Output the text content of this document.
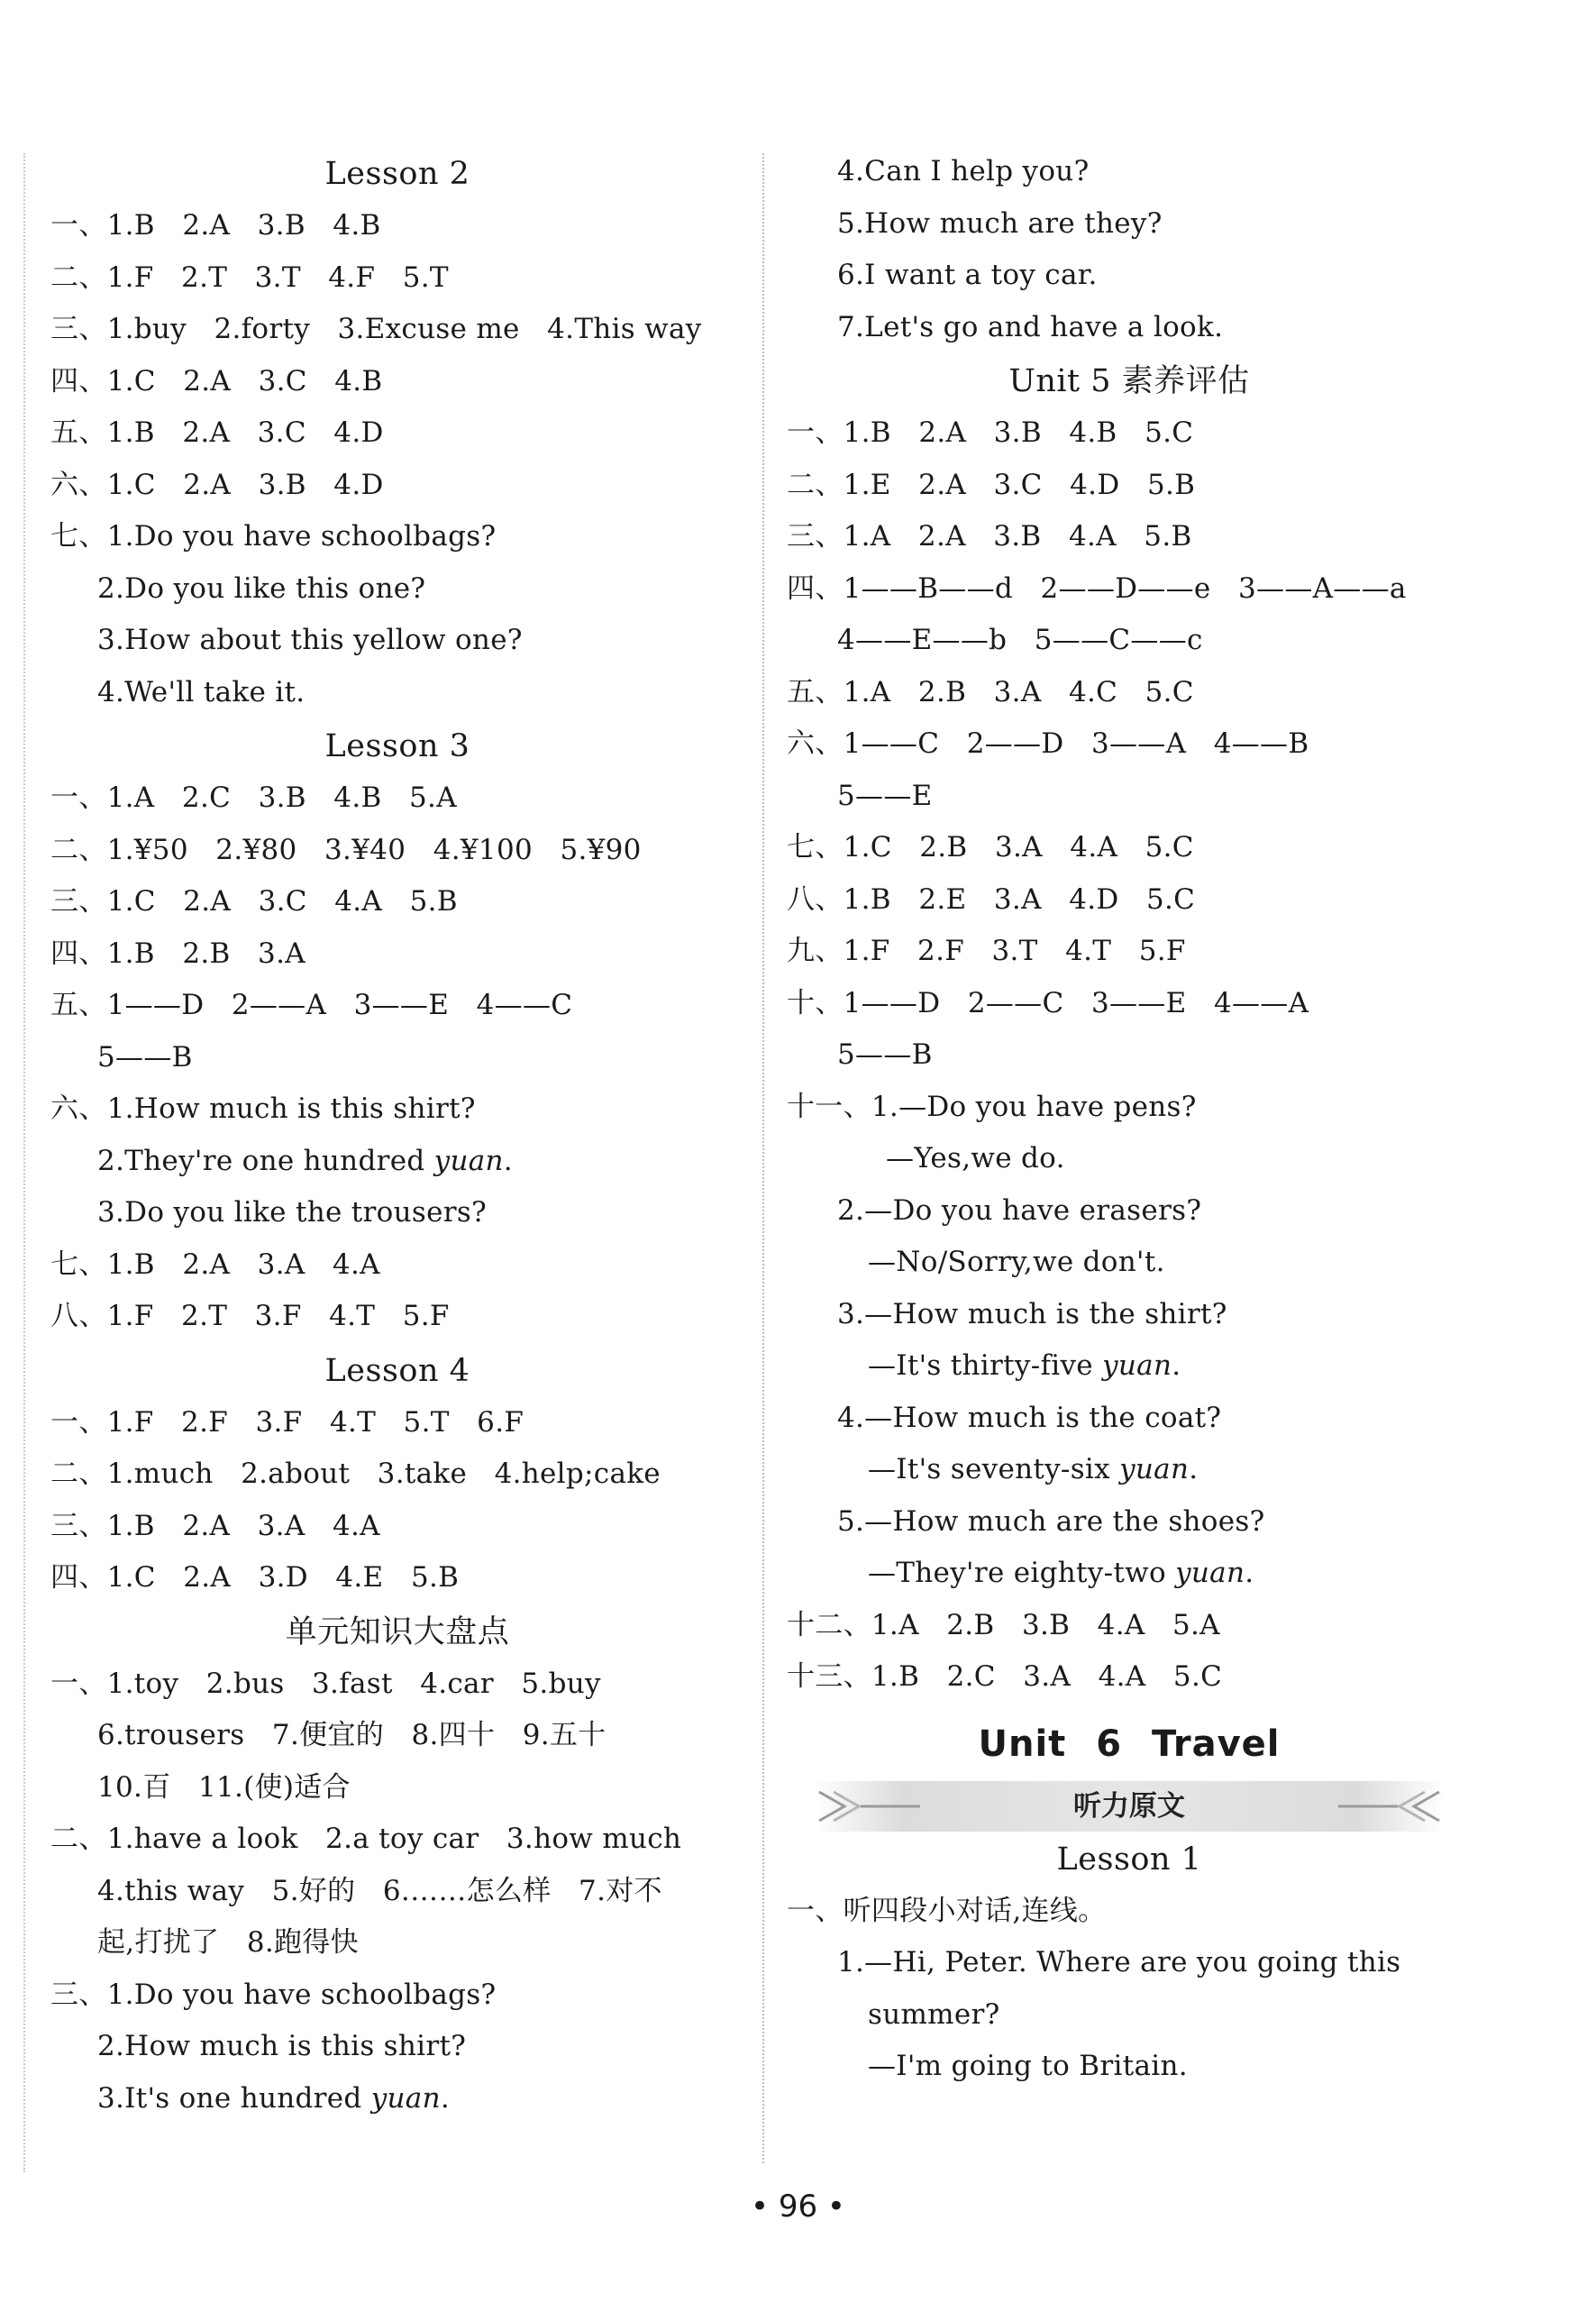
Lesson 2
一、1.B   2.A   3.B   4.B
二、1.F   2.T   3.T   4.F   5.T
三、1.buy   2.forty   3.Excuse me   4.This way
四、1.C   2.A   3.C   4.B
五、1.B   2.A   3.C   4.D
六、1.C   2.A   3.B   4.D
七、1.Do you have schoolbags?
2.Do you like this one?
3.How about this yellow one?
4.We'll take it.
Lesson 3
一、1.A   2.C   3.B   4.B   5.A
二、1.¥50   2.¥80   3.¥40   4.¥100   5.¥90
三、1.C   2.A   3.C   4.A   5.B
四、1.B   2.B   3.A
五、1——D   2——A   3——E   4——C
5——B
六、1.How much is this shirt?
2.They're one hundred yuan.
3.Do you like the trousers?
七、1.B   2.A   3.A   4.A
八、1.F   2.T   3.F   4.T   5.F
Lesson 4
一、1.F   2.F   3.F   4.T   5.T   6.F
二、1.much   2.about   3.take   4.help;cake
三、1.B   2.A   3.A   4.A
四、1.C   2.A   3.D   4.E   5.B
单元知识大盘点
一、1.toy   2.bus   3.fast   4.car   5.buy
6.trousers   7.便宜的   8.四十   9.五十
10.百   11.(使)适合
二、1.have a look   2.a toy car   3.how much
4.this way   5.好的   6.……怎么样   7.对不
起,打扰了   8.跑得快
三、1.Do you have schoolbags?
2.How much is this shirt?
3.It's one hundred yuan.
4.Can I help you?
5.How much are they?
6.I want a toy car.
7.Let's go and have a look.
Unit 5 素养评估
一、1.B   2.A   3.B   4.B   5.C
二、1.E   2.A   3.C   4.D   5.B
三、1.A   2.A   3.B   4.A   5.B
四、1——B——d   2——D——e   3——A——a
4——E——b   5——C——c
五、1.A   2.B   3.A   4.C   5.C
六、1——C   2——D   3——A   4——B
5——E
七、1.C   2.B   3.A   4.A   5.C
八、1.B   2.E   3.A   4.D   5.C
九、1.F   2.F   3.T   4.T   5.F
十、1——D   2——C   3——E   4——A
5——B
十一、1.—Do you have pens?
—Yes,we do.
2.—Do you have erasers?
—No/Sorry,we don't.
3.—How much is the shirt?
—It's thirty-five yuan.
4.—How much is the coat?
—It's seventy-six yuan.
5.—How much are the shoes?
—They're eighty-two yuan.
十二、1.A   2.B   3.B   4.A   5.A
十三、1.B   2.C   3.A   4.A   5.C
Unit 6 Travel
听力原文
Lesson 1
一、听四段小对话,连线。
1.—Hi, Peter. Where are you going this
summer?
—I'm going to Britain.
• 96 •
